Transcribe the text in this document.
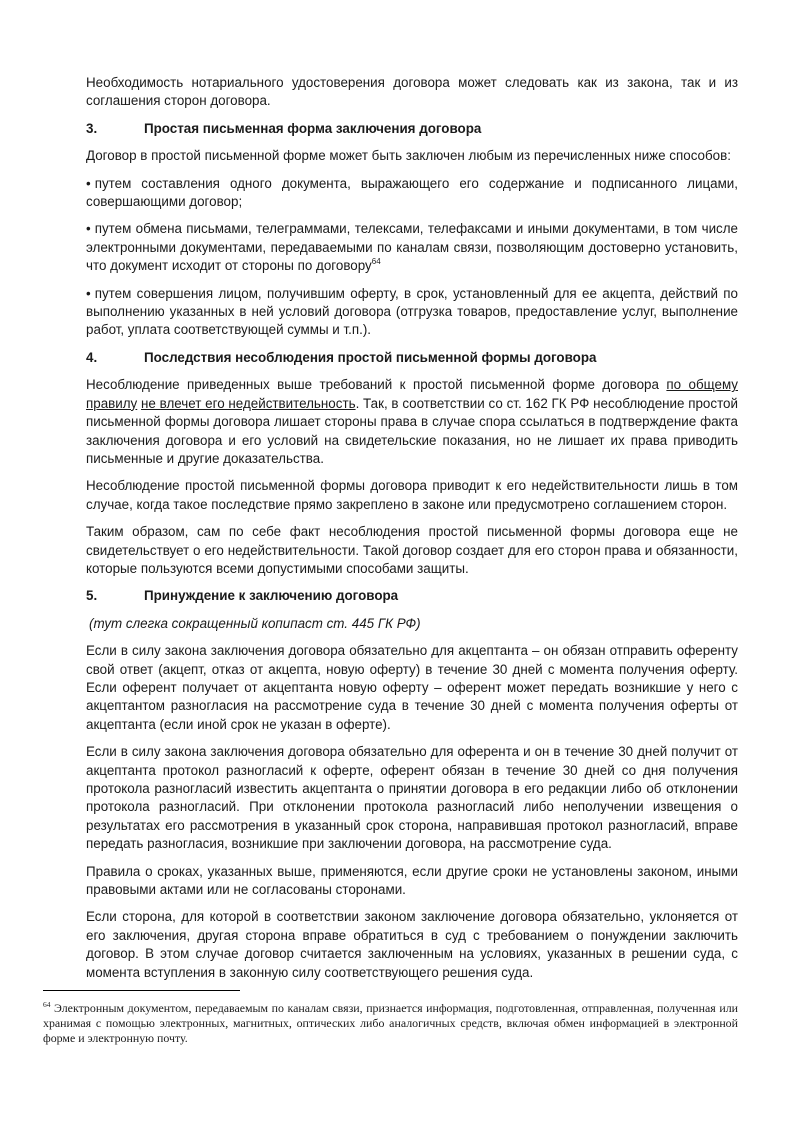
Необходимость нотариального удостоверения договора может следовать как из закона, так и из соглашения сторон договора.

3.	Простая письменная форма заключения договора

Договор в простой письменной форме может быть заключен любым из перечисленных ниже способов:

• путем составления одного документа, выражающего его содержание и подписанного лицами, совершающими договор;

• путем обмена письмами, телеграммами, телексами, телефаксами и иными документами, в том числе электронными документами, передаваемыми по каналам связи, позволяющим достоверно установить, что документ исходит от стороны по договору$^{64}$

• путем совершения лицом, получившим оферту, в срок, установленный для ее акцепта, действий по выполнению указанных в ней условий договора (отгрузка товаров, предоставление услуг, выполнение работ, уплата соответствующей суммы и т.п.).

4.	Последствия несоблюдения простой письменной формы договора

Несоблюдение приведенных выше требований к простой письменной форме договора по общему правилу не влечет его недействительность. Так, в соответствии со ст. 162 ГК РФ несоблюдение простой письменной формы договора лишает стороны права в случае спора ссылаться в подтверждение факта заключения договора и его условий на свидетельские показания, но не лишает их права приводить письменные и другие доказательства.

Несоблюдение простой письменной формы договора приводит к его недействительности лишь в том случае, когда такое последствие прямо закреплено в законе или предусмотрено соглашением сторон.

Таким образом, сам по себе факт несоблюдения простой письменной формы договора еще не свидетельствует о его недействительности. Такой договор создает для его сторон права и обязанности, которые пользуются всеми допустимыми способами защиты.

5.	Принуждение к заключению договора

(тут слегка сокращенный копипаст ст. 445 ГК РФ)

Если в силу закона заключения договора обязательно для акцептанта – он обязан отправить оференту свой ответ (акцепт, отказ от акцепта, новую оферту) в течение 30 дней с момента получения оферту. Если оферент получает от акцептанта новую оферту – оферент может передать возникшие у него с акцептантом разногласия на рассмотрение суда в течение 30 дней с момента получения оферты от акцептанта (если иной срок не указан в оферте).

Если в силу закона заключения договора обязательно для оферента и он в течение 30 дней получит от акцептанта протокол разногласий к оферте, оферент обязан в течение 30 дней со дня получения протокола разногласий известить акцептанта о принятии договора в его редакции либо об отклонении протокола разногласий. При отклонении протокола разногласий либо неполучении извещения о результатах его рассмотрения в указанный срок сторона, направившая протокол разногласий, вправе передать разногласия, возникшие при заключении договора, на рассмотрение суда.

Правила о сроках, указанных выше, применяются, если другие сроки не установлены законом, иными правовыми актами или не согласованы сторонами.

Если сторона, для которой в соответствии законом заключение договора обязательно, уклоняется от его заключения, другая сторона вправе обратиться в суд с требованием о понуждении заключить договор. В этом случае договор считается заключенным на условиях, указанных в решении суда, с момента вступления в законную силу соответствующего решения суда.

$^{64}$ Электронным документом, передаваемым по каналам связи, признается информация, подготовленная, отправленная, полученная или хранимая с помощью электронных, магнитных, оптических либо аналогичных средств, включая обмен информацией в электронной форме и электронную почту.
